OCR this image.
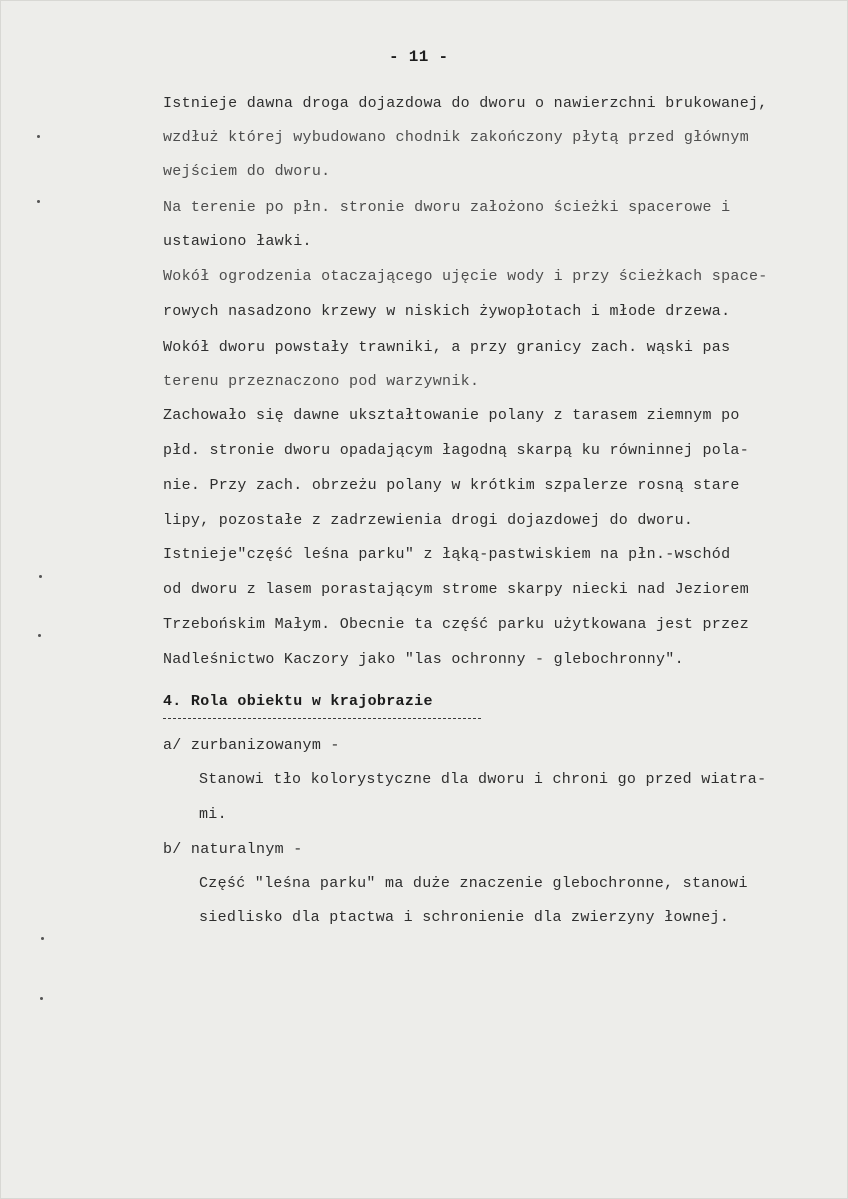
- 11 -
Istnieje dawna droga dojazdowa do dworu o nawierzchni brukowanej,
wzdłuż której wybudowano chodnik zakończony płytą przed głównym
wejściem do dworu.
Na terenie po płn. stronie dworu założono ścieżki spacerowe i
ustawiono ławki.
Wokół ogrodzenia otaczającego ujęcie wody i przy ścieżkach space-
rowych nasadzono krzewy w niskich żywopłotach i młode drzewa.
Wokół dworu powstały trawniki, a przy granicy zach. wąski pas
terenu przeznaczono pod warzywnik.
Zachowało się dawne ukształtowanie polany z tarasem ziemnym po
płd. stronie dworu opadającym łagodną skarpą ku równinnej pola-
nie. Przy zach. obrzeżu polany w krótkim szpalerze rosną stare
lipy, pozostałe z zadrzewienia drogi dojazdowej do dworu.
Istnieje"część leśna parku" z łąką-pastwiskiem na płn.-wschód
od dworu z lasem porastającym strome skarpy niecki nad Jeziorem
Trzebońskim Małym. Obecnie ta część parku użytkowana jest przez
Nadleśnictwo Kaczory jako "las ochronny - glebochronny".
4. Rola obiektu w krajobrazie
a/ zurbanizowanym -
Stanowi tło kolorystyczne dla dworu i chroni go przed wiatra-
mi.
b/ naturalnym -
Część "leśna parku" ma duże znaczenie glebochronne, stanowi
siedlisko dla ptactwa i schronienie dla zwierzyny łownej.
